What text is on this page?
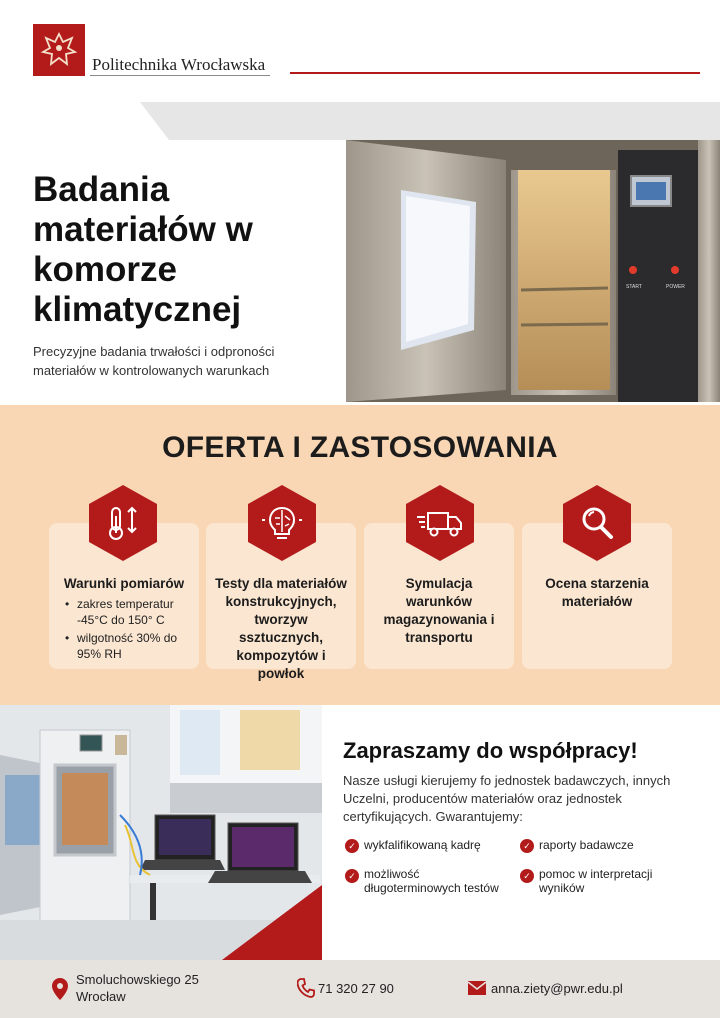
Politechnika Wrocławska
Badania materiałów w komorze klimatycznej
Precyzyjne badania trwałości i odproności materiałów w kontrolowanych warunkach
START	POWER
OFERTA I ZASTOSOWANIA
Warunki pomiarów
• zakres temperatur -45°C do 150° C
• wilgotność 30% do 95% RH
Testy dla materiałów konstrukcyjnych, tworzyw ssztucznych, kompozytów i powłok
Symulacja warunków magazynowania i transportu
Ocena starzenia materiałów
Zapraszamy do współpracy!
Nasze usługi kierujemy fo jednostek badawczych, innych Uczelni, producentów materiałów oraz jednostek certyfikujących. Gwarantujemy:
✓ wykfalifikowaną kadrę	✓ raporty badawcze
✓ możliwość długoterminowych testów
✓ pomoc w interpretacji wyników
Smoluchowskiego 25
Wrocław
71 320 27 90	anna.ziety@pwr.edu.pl
